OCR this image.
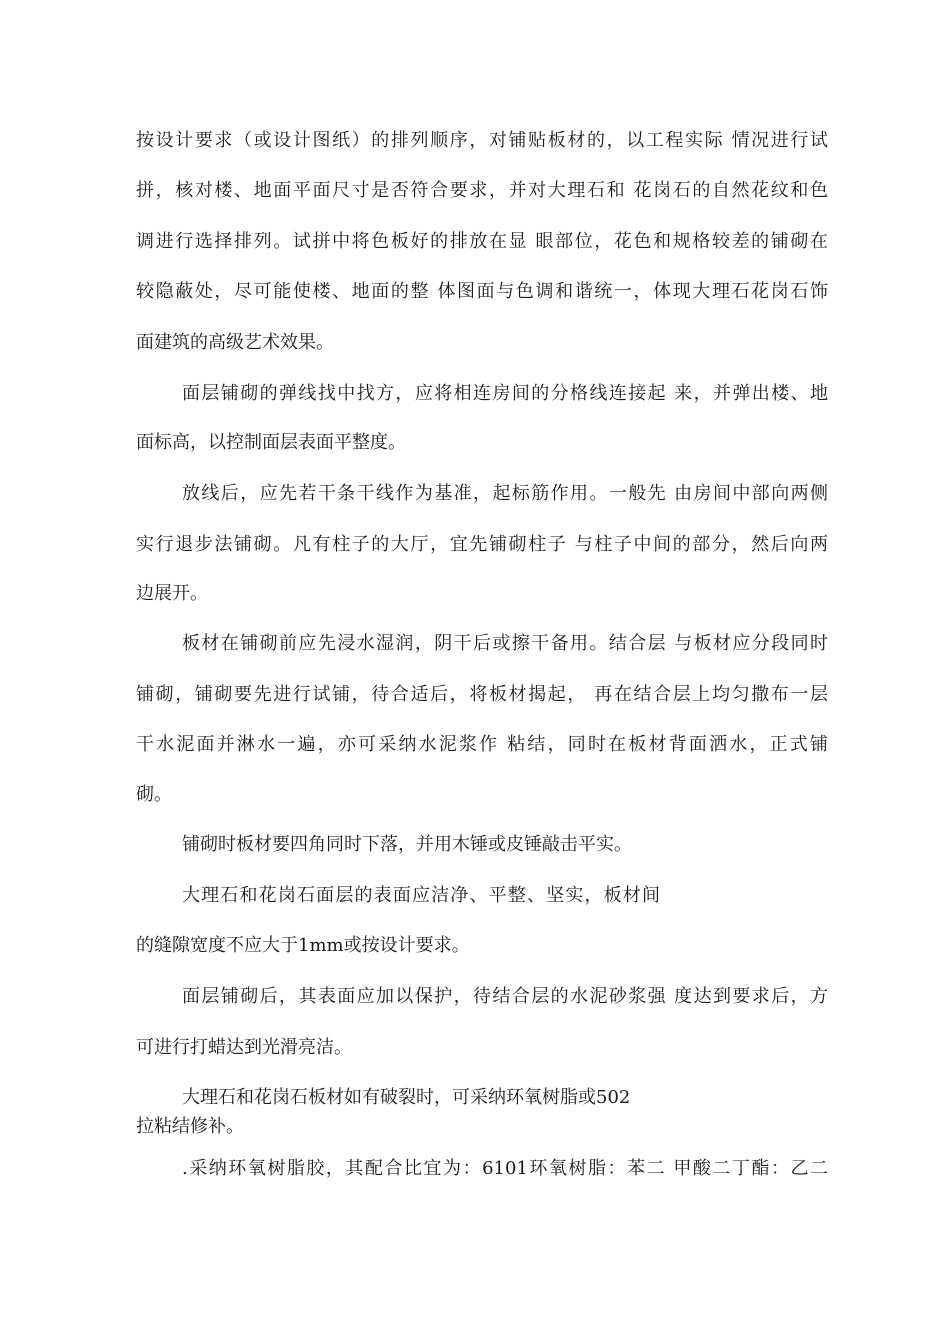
按设计要求（或设计图纸）的排列顺序，对铺贴板材的，以工程实际 情况进行试

拼，核对楼、地面平面尺寸是否符合要求，并对大理石和 花岗石的自然花纹和色

调进行选择排列。试拼中将色板好的排放在显 眼部位，花色和规格较差的铺砌在

较隐蔽处，尽可能使楼、地面的整 体图面与色调和谐统一，体现大理石花岗石饰

面建筑的高级艺术效果。

面层铺砌的弹线找中找方，应将相连房间的分格线连接起 来，并弹出楼、地

面标高，以控制面层表面平整度。

放线后，应先若干条干线作为基准，起标筋作用。一般先 由房间中部向两侧

实行退步法铺砌。凡有柱子的大厅，宜先铺砌柱子 与柱子中间的部分，然后向两

边展开。

板材在铺砌前应先浸水湿润，阴干后或擦干备用。结合层 与板材应分段同时

铺砌，铺砌要先进行试铺，待合适后，将板材揭起， 再在结合层上均匀撒布一层

干水泥面并淋水一遍，亦可采纳水泥浆作 粘结，同时在板材背面洒水，正式铺

砌。

铺砌时板材要四角同时下落，并用木锤或皮锤敲击平实。

大理石和花岗石面层的表面应洁净、平整、坚实，板材间

的缝隙宽度不应大于1mm或按设计要求。

面层铺砌后，其表面应加以保护，待结合层的水泥砂浆强 度达到要求后，方

可进行打蜡达到光滑亮洁。

大理石和花岗石板材如有破裂时，可采纳环氧树脂或502

拉粘结修补。

.采纳环氧树脂胶，其配合比宜为：6101环氧树脂：苯二 甲酸二丁酯：乙二
